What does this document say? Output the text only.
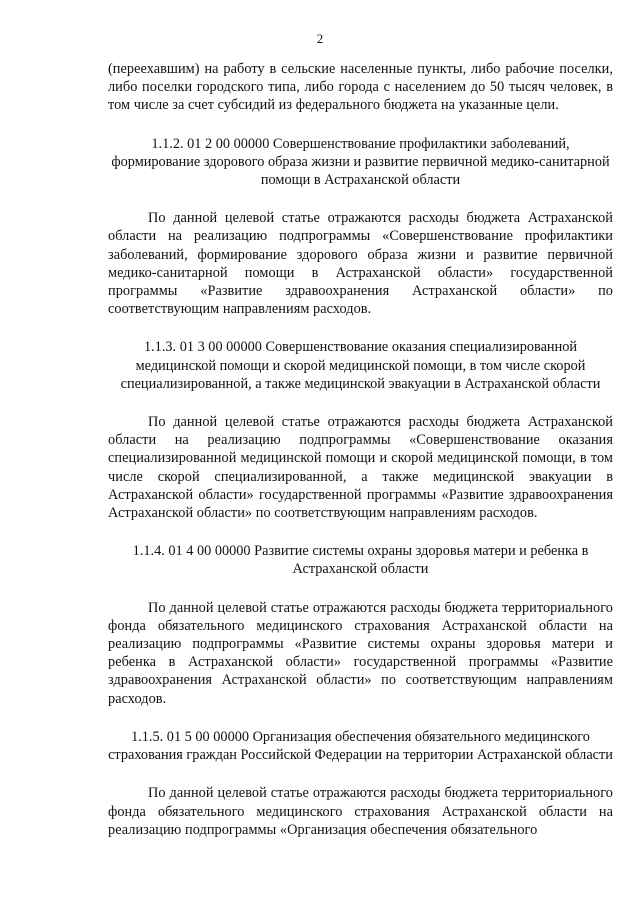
2

(переехавшим) на работу в сельские населенные пункты, либо рабочие поселки, либо поселки городского типа, либо города с населением до 50 тысяч человек, в том числе за счет субсидий из федерального бюджета на указанные цели.

1.1.2. 01 2 00 00000 Совершенствование профилактики заболеваний, формирование здорового образа жизни и развитие первичной медико-санитарной помощи в Астраханской области

По данной целевой статье отражаются расходы бюджета Астраханской области на реализацию подпрограммы «Совершенствование профилактики заболеваний, формирование здорового образа жизни и развитие первичной медико-санитарной помощи в Астраханской области» государственной программы «Развитие здравоохранения Астраханской области» по соответствующим направлениям расходов.

1.1.3. 01 3 00 00000 Совершенствование оказания специализированной медицинской помощи и скорой медицинской помощи, в том числе скорой специализированной, а также медицинской эвакуации в Астраханской области

По данной целевой статье отражаются расходы бюджета Астраханской области на реализацию подпрограммы «Совершенствование оказания специализированной медицинской помощи и скорой медицинской помощи, в том числе скорой специализированной, а также медицинской эвакуации в Астраханской области» государственной программы «Развитие здравоохранения Астраханской области» по соответствующим направлениям расходов.

1.1.4. 01 4 00 00000 Развитие системы охраны здоровья матери и ребенка в Астраханской области

По данной целевой статье отражаются расходы бюджета территориального фонда обязательного медицинского страхования Астраханской области на реализацию подпрограммы «Развитие системы охраны здоровья матери и ребенка в Астраханской области» государственной программы «Развитие здравоохранения Астраханской области» по соответствующим направлениям расходов.

1.1.5. 01 5 00 00000 Организация обеспечения обязательного медицинского страхования граждан Российской Федерации на территории Астраханской области

По данной целевой статье отражаются расходы бюджета территориального фонда обязательного медицинского страхования Астраханской области на реализацию подпрограммы «Организация обеспечения обязательного
